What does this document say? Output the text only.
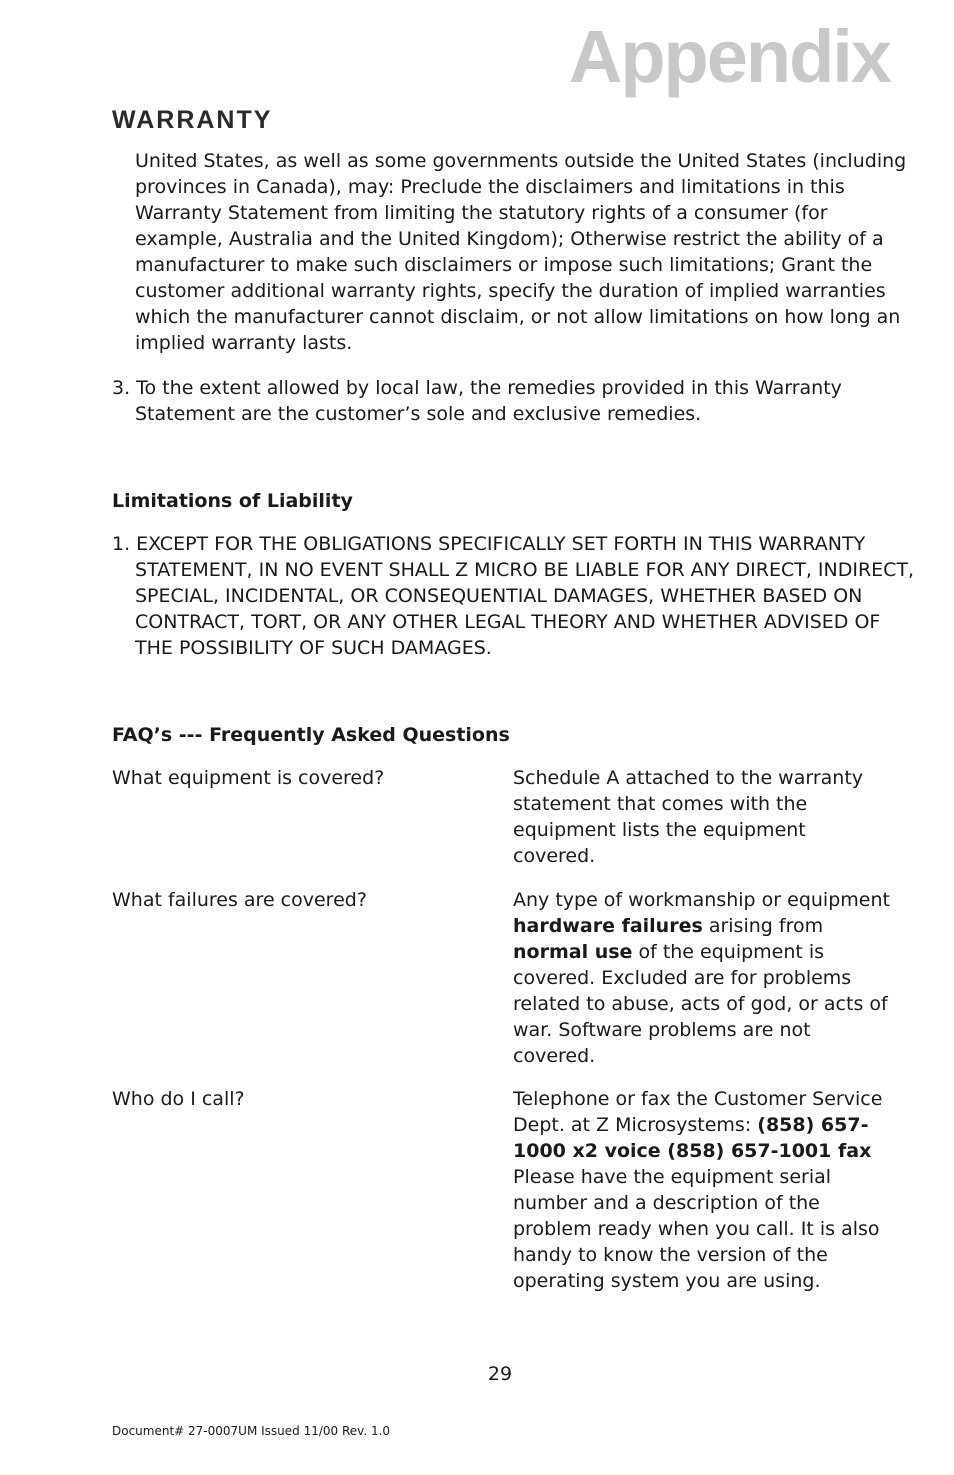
Appendix
WARRANTY

United States, as well as some governments outside the United States (including provinces in Canada), may: Preclude the disclaimers and limitations in this Warranty Statement from limiting the statutory rights of a consumer (for example, Australia and the United Kingdom); Otherwise restrict the ability of a manufacturer to make such disclaimers or impose such limitations; Grant the customer additional warranty rights, specify the duration of implied warranties which the manufacturer cannot disclaim, or not allow limitations on how long an implied warranty lasts.

3. To the extent allowed by local law, the remedies provided in this Warranty Statement are the customer’s sole and exclusive remedies.

Limitations of Liability

1. EXCEPT FOR THE OBLIGATIONS SPECIFICALLY SET FORTH IN THIS WARRANTY STATEMENT, IN NO EVENT SHALL Z MICRO BE LIABLE FOR ANY DIRECT, INDIRECT, SPECIAL, INCIDENTAL, OR CONSEQUENTIAL DAMAGES, WHETHER BASED ON CONTRACT, TORT, OR ANY OTHER LEGAL THEORY AND WHETHER ADVISED OF THE POSSIBILITY OF SUCH DAMAGES.

FAQ’s --- Frequently Asked Questions
What equipment is covered?	Schedule A attached to the warranty statement that comes with the equipment lists the equipment covered.
What failures are covered?	Any type of workmanship or equipment hardware failures arising from normal use of the equipment is covered. Excluded are for problems related to abuse, acts of god, or acts of war. Software problems are not covered.
Who do I call?	Telephone or fax the Customer Service Dept. at Z Microsystems: (858) 657-1000 x2 voice (858) 657-1001 fax Please have the equipment serial number and a description of the problem ready when you call. It is also handy to know the version of the operating system you are using.

29

Document# 27-0007UM Issued 11/00 Rev. 1.0
